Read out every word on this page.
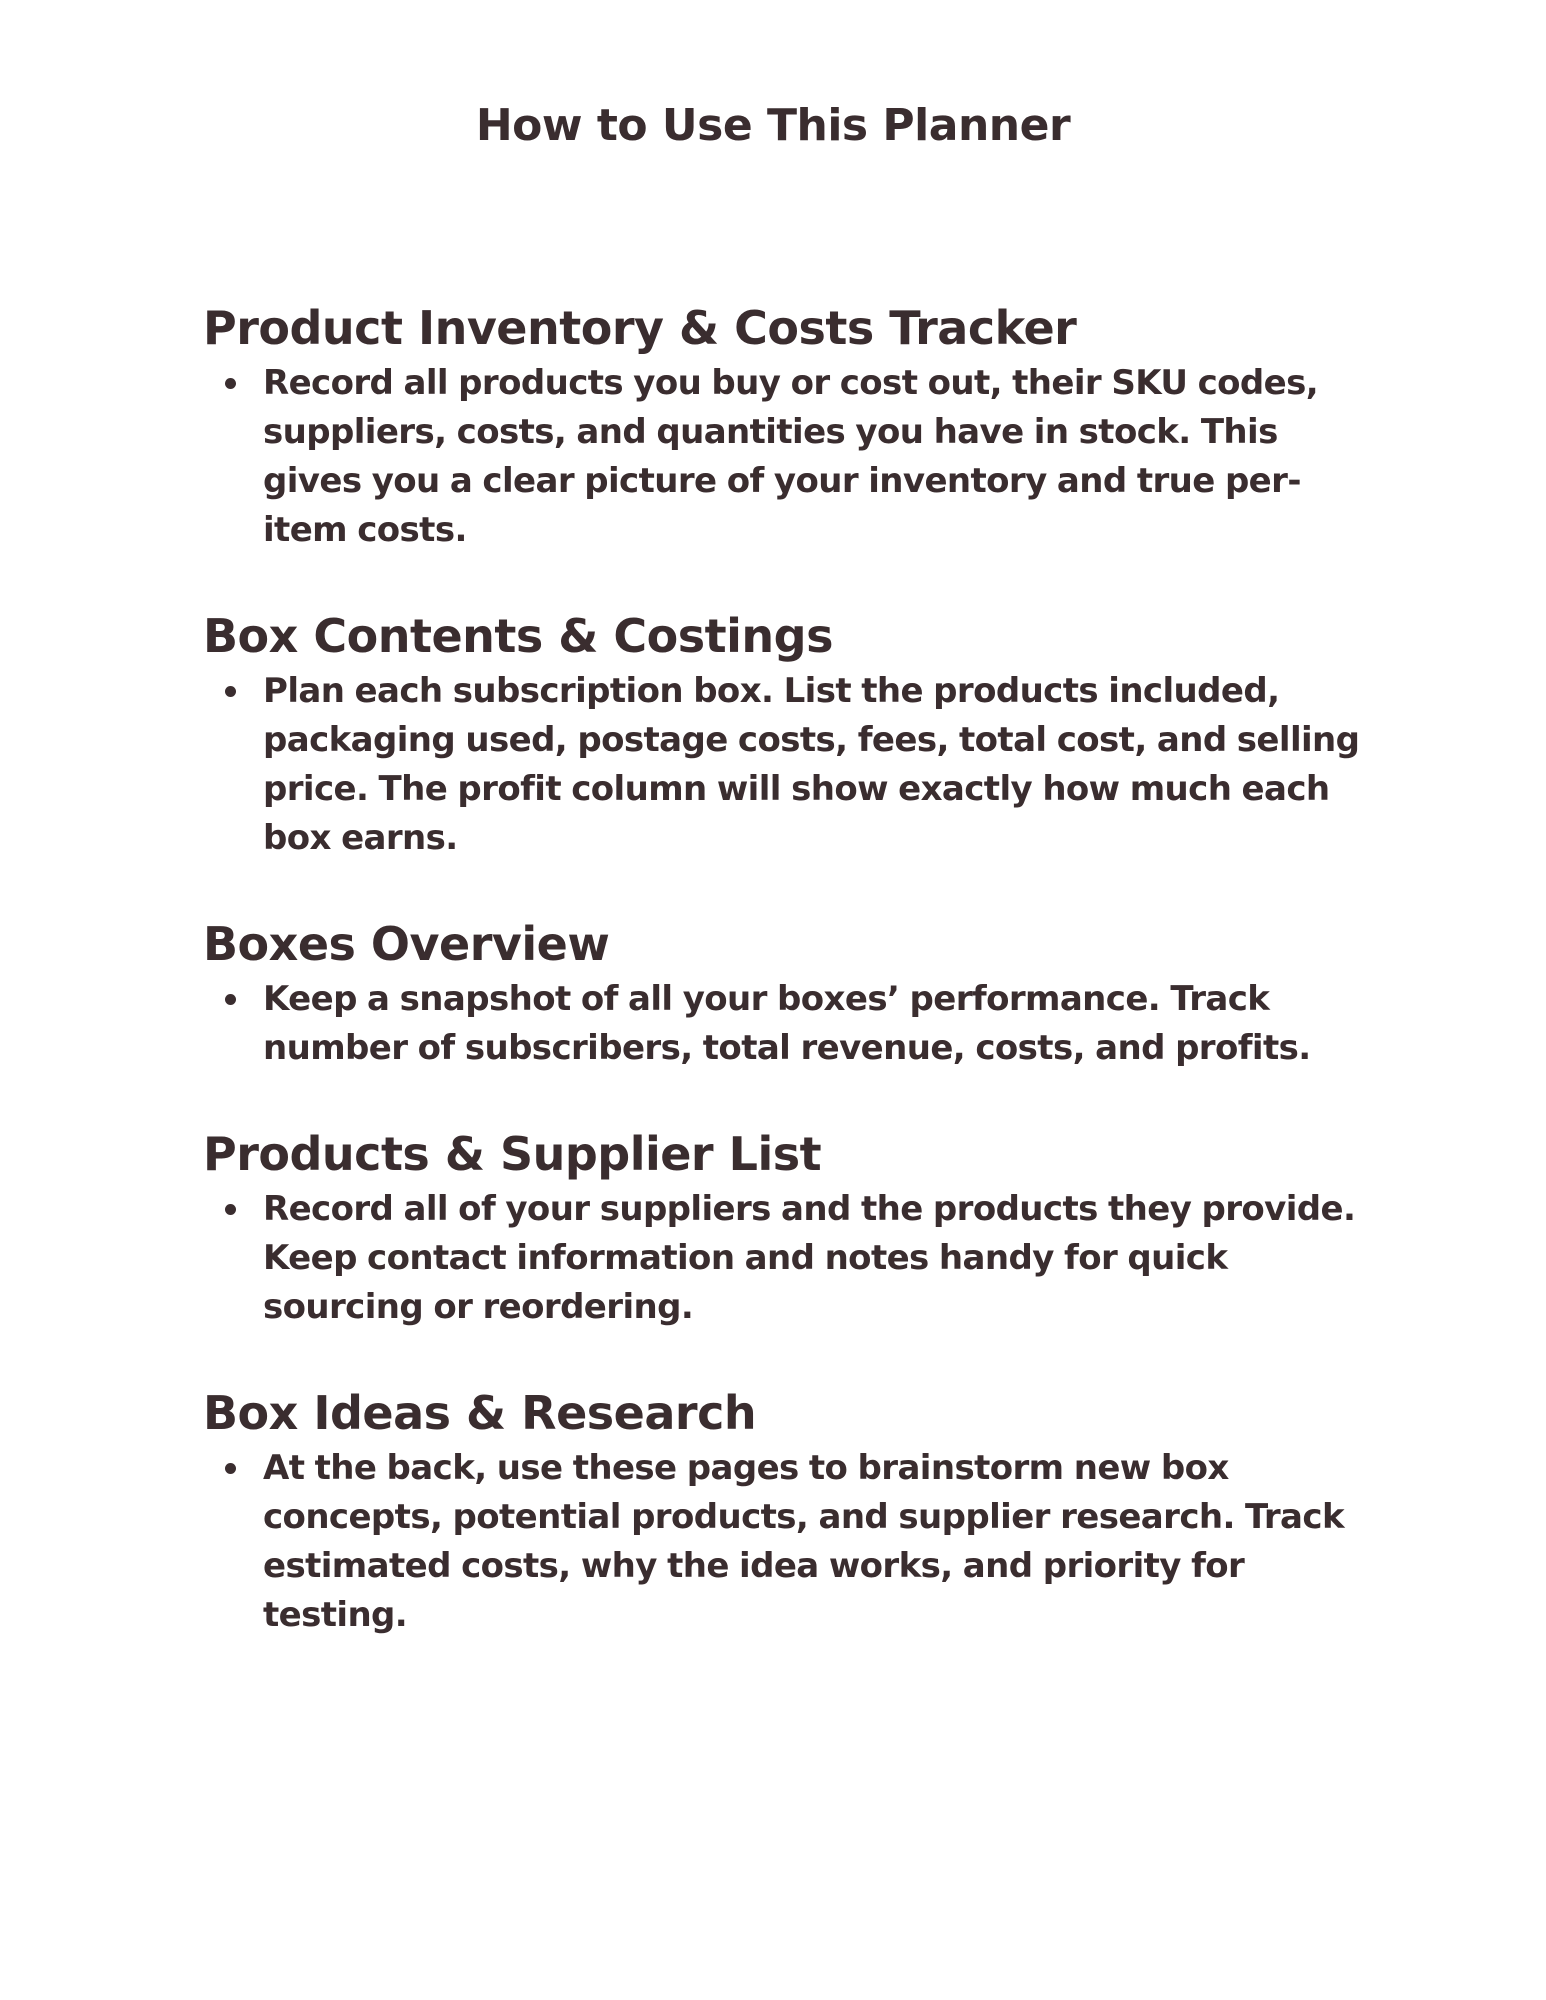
How to Use This Planner
Product Inventory & Costs Tracker
Record all products you buy or cost out, their SKU codes, suppliers, costs, and quantities you have in stock. This gives you a clear picture of your inventory and true per-item costs.
Box Contents & Costings
Plan each subscription box. List the products included, packaging used, postage costs, fees, total cost, and selling price. The profit column will show exactly how much each box earns.
Boxes Overview
Keep a snapshot of all your boxes’ performance. Track number of subscribers, total revenue, costs, and profits.
Products & Supplier List
Record all of your suppliers and the products they provide. Keep contact information and notes handy for quick sourcing or reordering.
Box Ideas & Research
At the back, use these pages to brainstorm new box concepts, potential products, and supplier research. Track estimated costs, why the idea works, and priority for testing.
